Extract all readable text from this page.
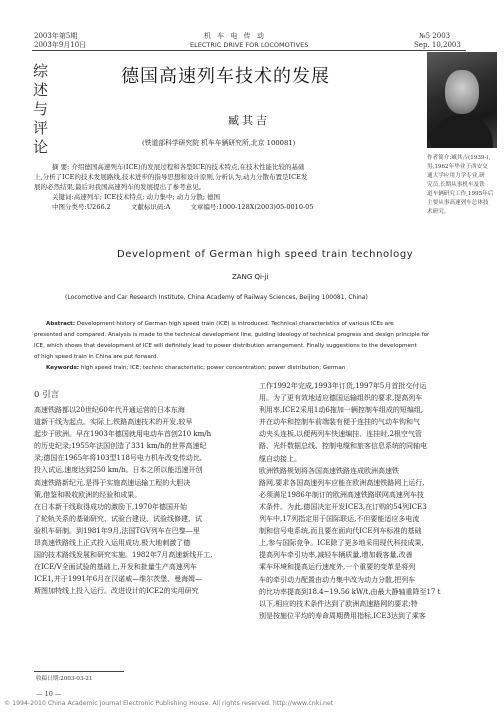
2003年第5期
2003年9月10日
机 车 电 传 动
ELECTRIC DRIVE FOR LOCOMOTIVES
№5 2003
Sep. 10,2003
综
述
与
评
论
德国高速列车技术的发展
臧其吉
(铁道部科学研究院 机车车辆研究所,北京 100081)
作者简介:臧其吉(1939-),
男,1962年毕业于西安交
通大学应用力学专业,研
究员,长期从事机车及铁
道车辆研究工作,1995年后
主要从事高速列车总体技
术研究。
摘 要: 介绍德国高速列车(ICE)的发展过程和各型ICE的技术特点,在技术性能比较的基础
上,分析了ICE的技术发展路线,技术进步的指导思想和设计原则,分析认为,动力分散布置是ICE发
展的必然结果,最后对我国高速列车的发展提出了参考意见。
关键词:高速列车; ICE技术特点; 动力集中; 动力分散; 德国
中图分类号:U266.2	文献标识码:A	文章编号:1000-128X(2003)05-0010-05
Development of German high speed train technology
ZANG Qi-ji
(Locomotive and Car Research Institute, China Academy of Railway Sciences, Beijing 100081, China)
Abstract: Development history of German high speed train (ICE) is introduced. Technical characteristics of various ICEs are
presented and compared. Analysis is made to the technical development line, guiding ideology of technical progress and design principle for
ICE, which shows that development of ICE will definitely lead to power distribution arrangement. Finally suggestions to the development
of high speed train in China are put forward.
Keywords: high speed train; ICE; technic characteristic; power concentration; power distribution; German
0 引言
高速铁路都以20世纪60年代开通运营的日本东海
道新干线为起点。实际上,铁路高速技术的开发,较早
起步于欧洲。早在1903年德国就用电动车首创210 km/h
的历史纪录;1955年法国创造了331 km/h的世界高速纪
录;德国在1965年将103型118号电力机车改变传动比,
投入试运,速度达到250 km/h。日本之所以能迅速开创
高速铁路新纪元,是得于实施高速运输工程的大胆决
策,借鉴和吸收欧洲的经验和成果。
在日本新干线取得成功的激励下,1970年德国开始
了轮轨关系的基础研究、试验台建设、试验线修建、试
验机车研制。到1981年9月,法国TGV列车在巴黎—里
昂高速铁路线上正式投入运用成功,极大地刺激了德
国的技术路线发展和研究实施。1982年7月高速新线开工,
在ICE/V全面试验的基础上,开发和批量生产高速列车
ICE1,并于1991年6月在汉诺威—维尔茨堡、曼海姆—
斯图加特线上投入运行。改进设计的ICE2的实用研究
工作1992年完成,1993年订货,1997年5月首批交付运
用。为了更有效地适应德国运输组织的要求,提高列车
利用率,ICE2采用1动6拖加一辆控制车组成的短编组,
并在动车和控制车前端装有便于连挂的气动车钩和气
动夹头连板,以便两列车快速编挂、连挂时,2根空气管
路、光纤数据总线、控制电缆和旅客信息系统的同轴电
缆自动接上。
欧洲铁路规划将各国高速铁路连成欧洲高速铁
路网,要求各国高速列车应能在欧洲高速铁路网上运行,
必须满足1986年制订的欧洲高速铁路联网高速列车技
术条件。为此,德国决定开发ICE3,在订购的54列ICE3
列车中,17列指定用于国际联运,不但要能适应多电流
制和信号电系统,而且要在面向代ICE列车标准的基础
上,参与国际竞争。ICE除了更多地采用现代科技成果,
提高列车牵引功率,减轻车辆质量,增加载客量,改善
乘车环境和提高运行速度外,一个重要的变革是将列
车的牵引动力配置由动力集中改为动力分散,把列车
的比功率提高到18.4~19.56 kW/t,由最大静轴重降至17 t
以下,相应的技术条件达到了欧洲高速路网的要求;特
别是按施位平均的寿命周期费用指标,ICE3达到了乘客
收稿日期:2003-03-21
— 10 —
© 1994-2010 China Academic Journal Electronic Publishing House. All rights reserved. http://www.cnki.net
